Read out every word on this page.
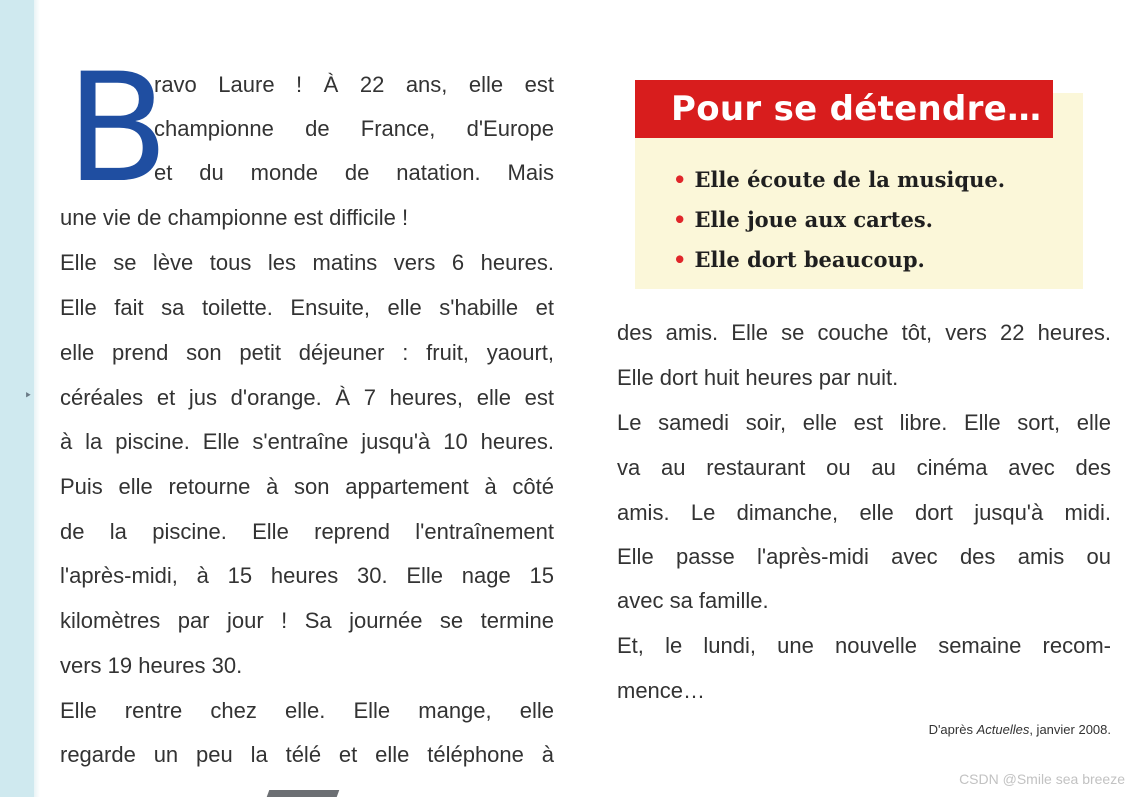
‣
B
ravo Laure ! À 22 ans, elle est
championne de France, d'Europe
et du monde de natation. Mais
une vie de championne est difficile !
Elle se lève tous les matins vers 6 heures.
Elle fait sa toilette. Ensuite, elle s'habille et
elle prend son petit déjeuner : fruit, yaourt,
céréales et jus d'orange. À 7 heures, elle est
à la piscine. Elle s'entraîne jusqu'à 10 heures.
Puis elle retourne à son appartement à côté
de la piscine. Elle reprend l'entraînement
l'après-midi, à 15 heures 30. Elle nage 15
kilomètres par jour ! Sa journée se termine
vers 19 heures 30.
Elle rentre chez elle. Elle mange, elle
regarde un peu la télé et elle téléphone à
Pour se détendre…
• Elle écoute de la musique.
• Elle joue aux cartes.
• Elle dort beaucoup.
des amis. Elle se couche tôt, vers 22 heures.
Elle dort huit heures par nuit.
Le samedi soir, elle est libre. Elle sort, elle
va au restaurant ou au cinéma avec des
amis. Le dimanche, elle dort jusqu'à midi.
Elle passe l'après-midi avec des amis ou
avec sa famille.
Et, le lundi, une nouvelle semaine recom-
mence…
D'après Actuelles, janvier 2008.
CSDN @Smile sea breeze
